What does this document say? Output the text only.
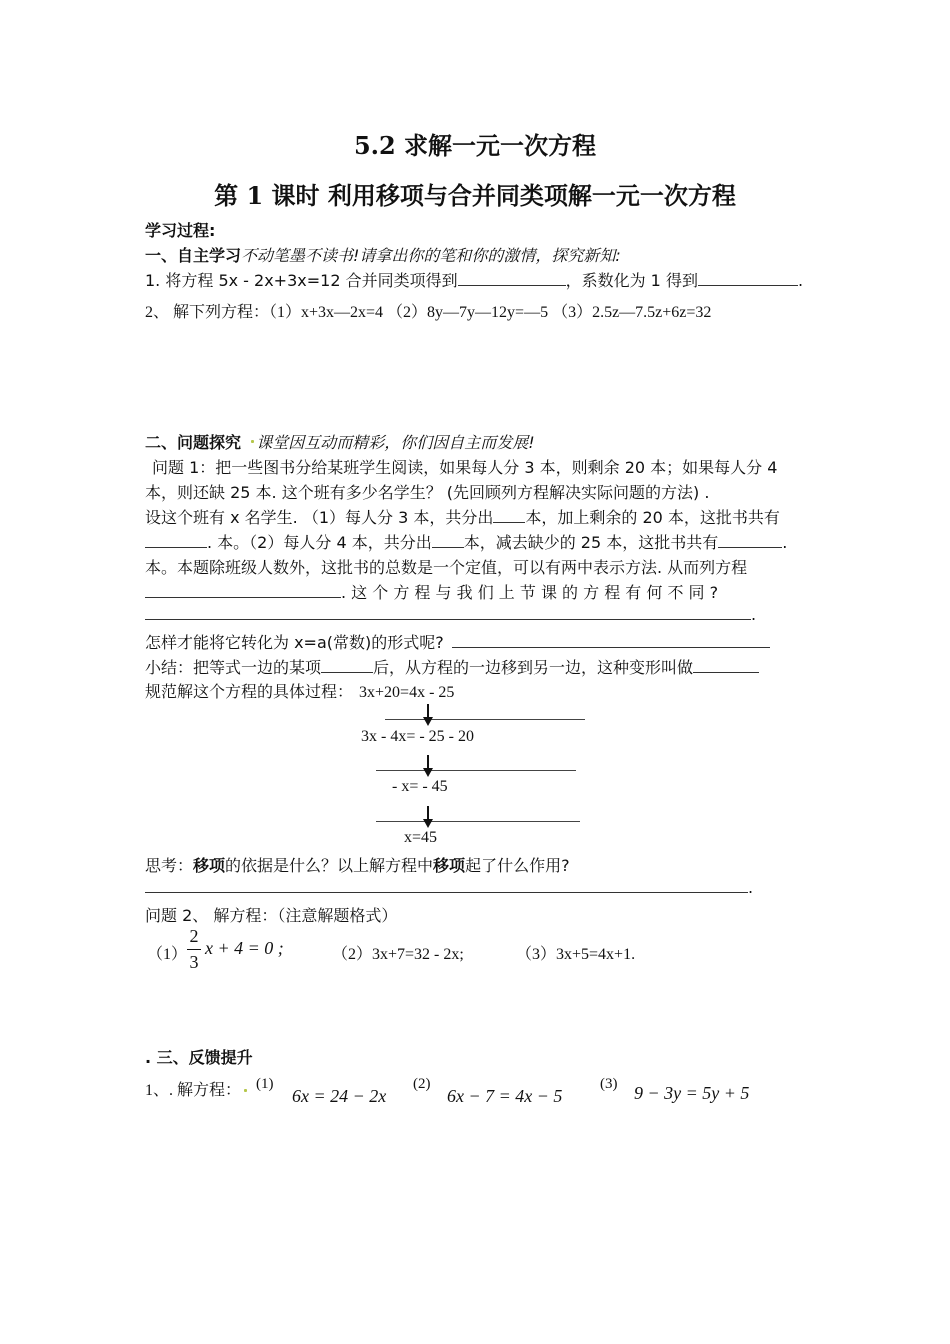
5.2 求解一元一次方程
第 1 课时 利用移项与合并同类项解一元一次方程
学习过程:
一、自主学习不动笔墨不读书!请拿出你的笔和你的激情，探究新知:
1. 将方程 5x - 2x+3x=12 合并同类项得到	，系数化为 1 得到	.
2、 解下列方程：（1）x+3x—2x=4 （2）8y—7y—12y=—5 （3）2.5z—7.5z+6z=32
二、问题探究 课堂因互动而精彩，你们因自主而发展!
问题 1：把一些图书分给某班学生阅读，如果每人分 3 本，则剩余 20 本；如果每人分 4
本，则还缺 25 本. 这个班有多少名学生？ (先回顾列方程解决实际问题的方法) .
设这个班有 x 名学生. （1）每人分 3 本，共分出 本，加上剩余的 20 本，这批书共有
. 本。（2）每人分 4 本，共分出 本，减去缺少的 25 本，这批书共有	.
本。本题除班级人数外，这批书的总数是一个定值，可以有两中表示方法. 从而列方程
. 这 个 方 程 与 我 们 上 节 课 的 方 程 有 何 不 同 ?
.
怎样才能将它转化为 x=a(常数)的形式呢?
小结：把等式一边的某项	后，从方程的一边移到另一边，这种变形叫做
规范解这个方程的具体过程： 3x+20=4x - 25
3x - 4x= - 25 - 20
- x= - 45
x=45
思考：移项的依据是什么？以上解方程中移项起了什么作用?
.
问题 2、 解方程：（注意解题格式）
（1）
2
3
x + 4 = 0 ;	（2）3x+7=32 - 2x;	（3）3x+5=4x+1.
. 三、反馈提升
1、. 解方程： (1)
6x = 24 − 2x
(2)
6x − 7 = 4x − 5
(3) 9 − 3y = 5y + 5
